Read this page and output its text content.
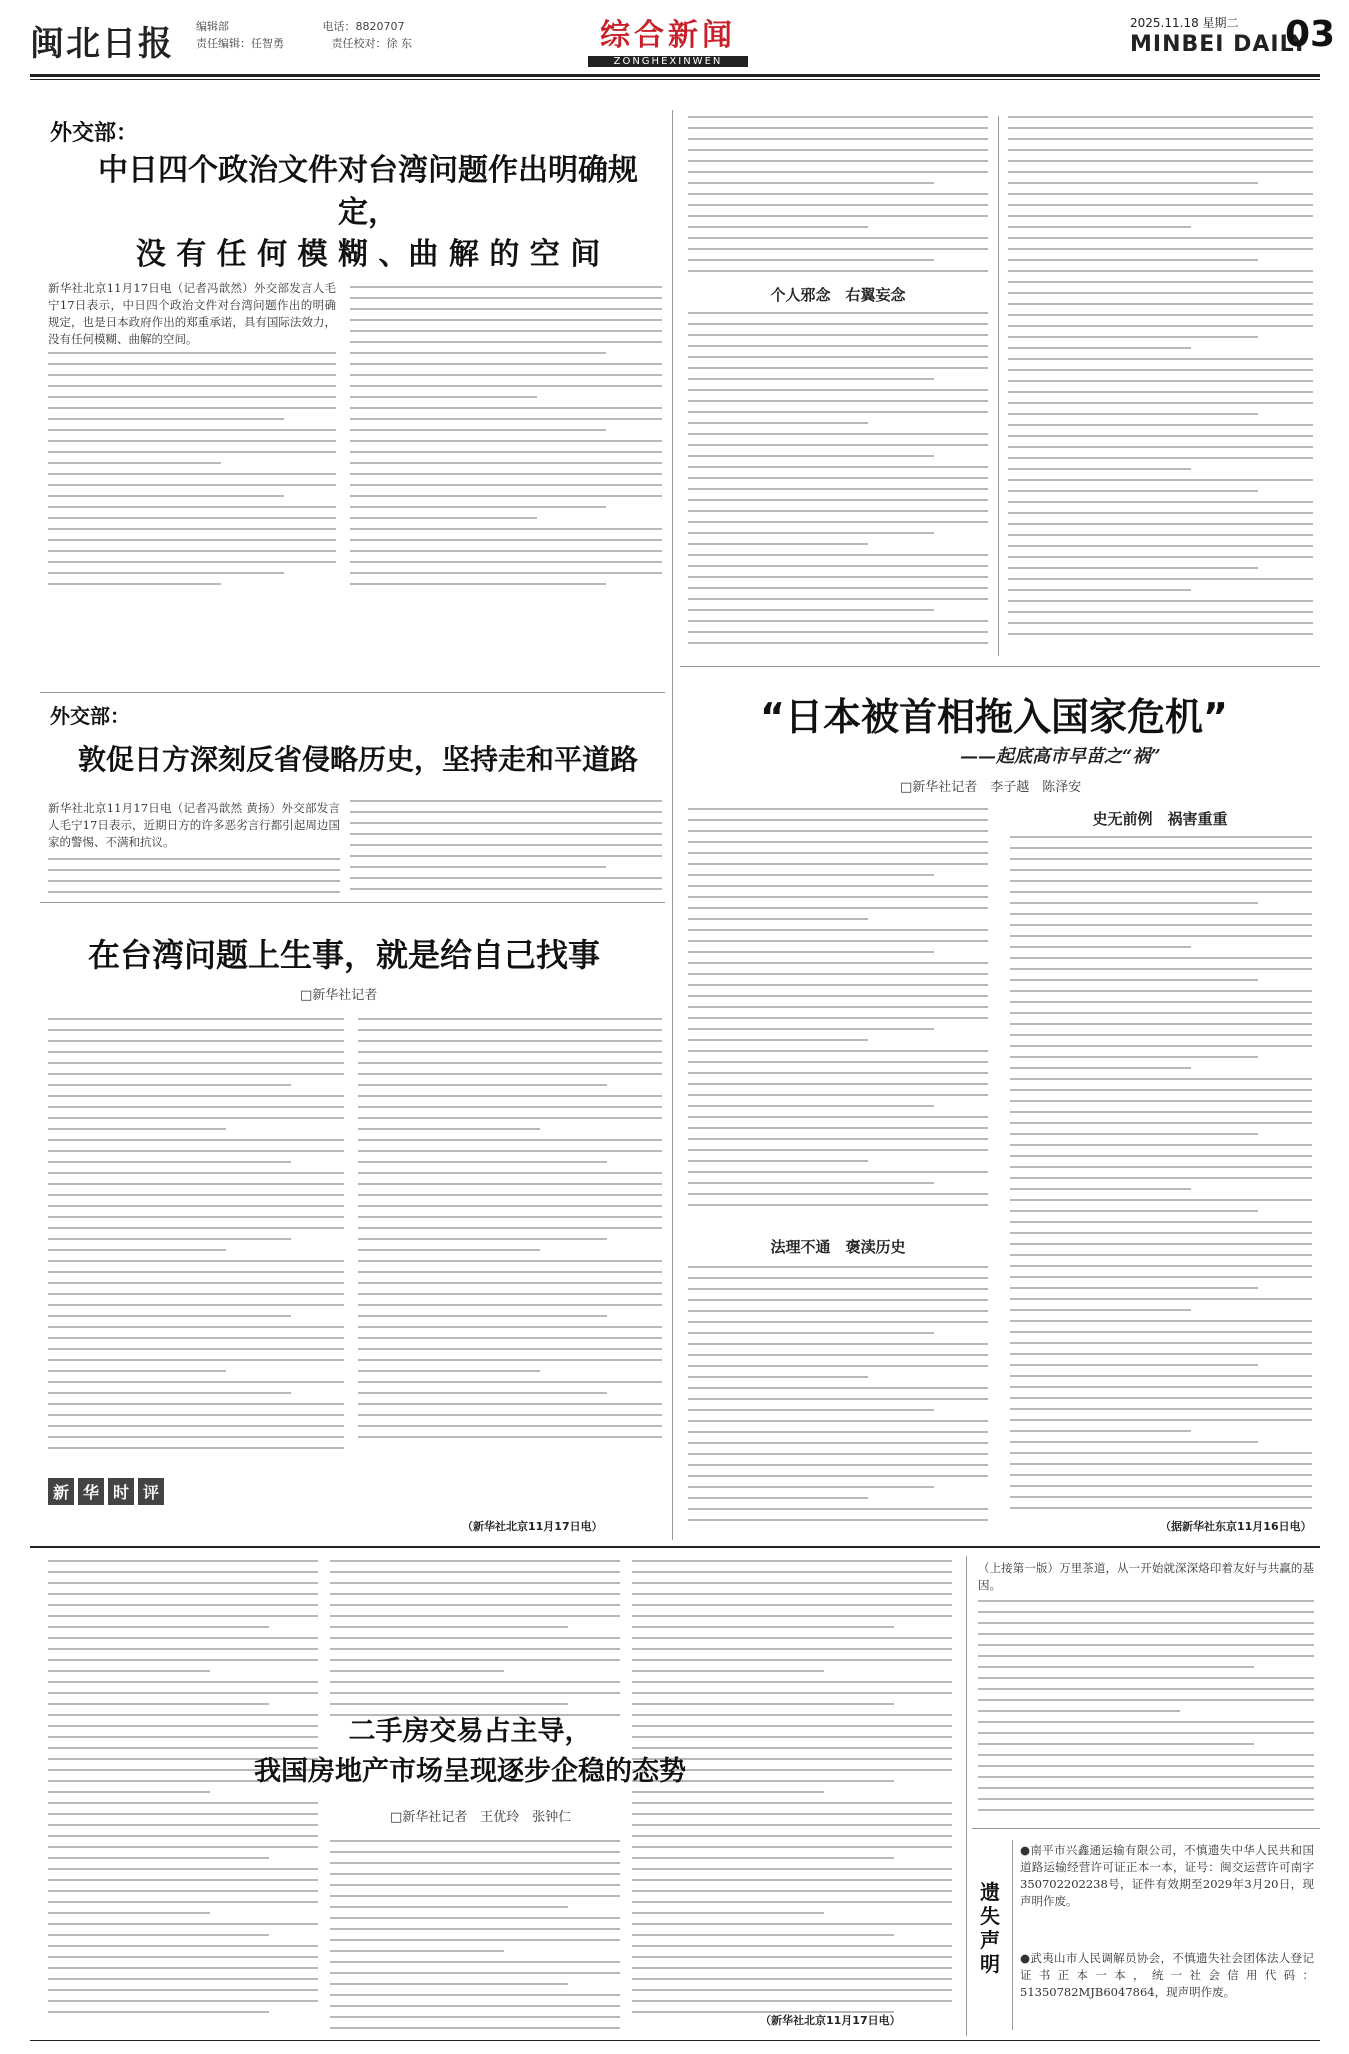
闽北日报 编辑部	电话：8820707
责任编辑：任智勇	责任校对：徐 东	综合新闻
ZONGHEXINWEN
2025.11.18 星期二
MINBEI DAILY
03
外交部：
中日四个政治文件对台湾问题作出明确规定，
没 有 任 何 模 糊 、曲 解 的 空 间
新华社北京11月17日电（记者冯歆然）外交部发言人毛宁17日表示，中日四个政治文件对台湾问题作出的明确规定，也是日本政府作出的郑重承诺，具有国际法效力，没有任何模糊、曲解的空间。
外交部：
敦促日方深刻反省侵略历史，坚持走和平道路
新华社北京11月17日电（记者冯歆然 黄扬）外交部发言人毛宁17日表示，近期日方的许多恶劣言行都引起周边国家的警惕、不满和抗议。
在台湾问题上生事，就是给自己找事
□新华社记者
新 华 时 评
（新华社北京11月17日电）
个人邪念　右翼妄念
“日本被首相拖入国家危机”
——起底高市早苗之“祸”
□新华社记者　李子越　陈泽安
法理不通　褒渎历史
史无前例　祸害重重
（据新华社东京11月16日电）
二手房交易占主导，
我国房地产市场呈现逐步企稳的态势
□新华社记者　王优玲　张钟仁
（新华社北京11月17日电）
（上接第一版）万里茶道，从一开始就深深烙印着友好与共赢的基因。
遗失声明
●南平市兴鑫通运输有限公司，不慎遗失中华人民共和国道路运输经营许可证正本一本，证号：闽交运营许可南字350702202238号，证件有效期至2029年3月20日，现声明作废。
●武夷山市人民调解员协会，不慎遗失社会团体法人登记证书正本一本，统一社会信用代码：51350782MJB6047864，现声明作废。
